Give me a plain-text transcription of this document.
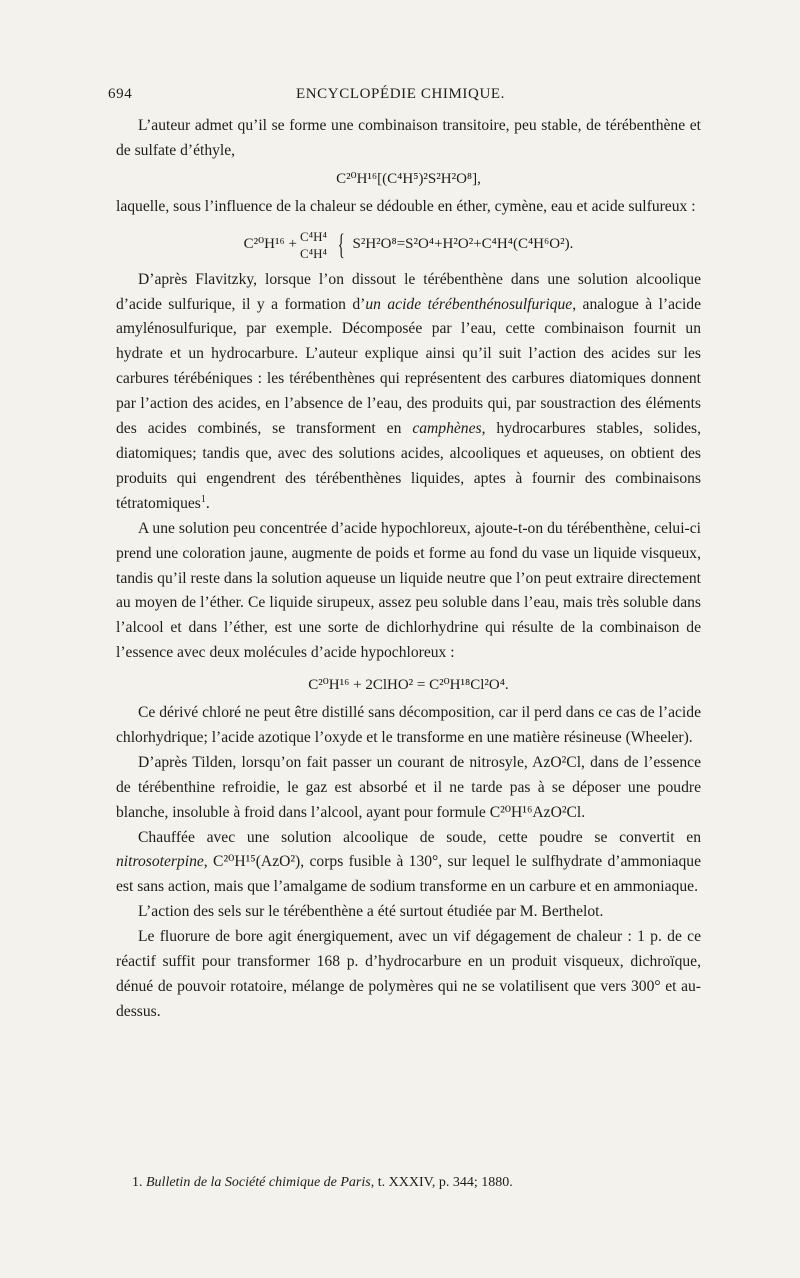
694	ENCYCLOPÉDIE CHIMIQUE.

L’auteur admet qu’il se forme une combinaison transitoire, peu stable, de térébenthène et de sulfate d’éthyle,

C²⁰H¹⁶[(C⁴H⁵)²S²H²O⁸],

laquelle, sous l’influence de la chaleur se dédouble en éther, cymène, eau et acide sulfureux :

C²⁰H¹⁶ +
C⁴H⁴
C⁴H⁴ { S²H²O⁸=S²O⁴+H²O²+C⁴H⁴(C⁴H⁶O²).

D’après Flavitzky, lorsque l’on dissout le térébenthène dans une solution alcoolique d’acide sulfurique, il y a formation d’un acide térébenthénosulfurique, analogue à l’acide amylénosulfurique, par exemple. Décomposée par l’eau, cette combinaison fournit un hydrate et un hydrocarbure. L’auteur explique ainsi qu’il suit l’action des acides sur les carbures térébéniques : les térébenthènes qui représentent des carbures diatomiques donnent par l’action des acides, en l’absence de l’eau, des produits qui, par soustraction des éléments des acides combinés, se transforment en camphènes, hydrocarbures stables, solides, diatomiques; tandis que, avec des solutions acides, alcooliques et aqueuses, on obtient des produits qui engendrent des térébenthènes liquides, aptes à fournir des combinaisons tétratomiques$^1$.

A une solution peu concentrée d’acide hypochloreux, ajoute-t-on du térébenthène, celui-ci prend une coloration jaune, augmente de poids et forme au fond du vase un liquide visqueux, tandis qu’il reste dans la solution aqueuse un liquide neutre que l’on peut extraire directement au moyen de l’éther. Ce liquide sirupeux, assez peu soluble dans l’eau, mais très soluble dans l’alcool et dans l’éther, est une sorte de dichlorhydrine qui résulte de la combinaison de l’essence avec deux molécules d’acide hypochloreux :

C²⁰H¹⁶ + 2ClHO² = C²⁰H¹⁸Cl²O⁴.

Ce dérivé chloré ne peut être distillé sans décomposition, car il perd dans ce cas de l’acide chlorhydrique; l’acide azotique l’oxyde et le transforme en une matière résineuse (Wheeler).

D’après Tilden, lorsqu’on fait passer un courant de nitrosyle, AzO²Cl, dans de l’essence de térébenthine refroidie, le gaz est absorbé et il ne tarde pas à se déposer une poudre blanche, insoluble à froid dans l’alcool, ayant pour formule C²⁰H¹⁶AzO²Cl.

Chauffée avec une solution alcoolique de soude, cette poudre se convertit en nitrosoterpine, C²⁰H¹⁵(AzO²), corps fusible à 130°, sur lequel le sulfhydrate d’ammoniaque est sans action, mais que l’amalgame de sodium transforme en un carbure et en ammoniaque.

L’action des sels sur le térébenthène a été surtout étudiée par M. Berthelot.

Le fluorure de bore agit énergiquement, avec un vif dégagement de chaleur : 1 p. de ce réactif suffit pour transformer 168 p. d’hydrocarbure en un produit visqueux, dichroïque, dénué de pouvoir rotatoire, mélange de polymères qui ne se volatilisent que vers 300° et au-dessus.

1. Bulletin de la Société chimique de Paris, t. XXXIV, p. 344; 1880.
